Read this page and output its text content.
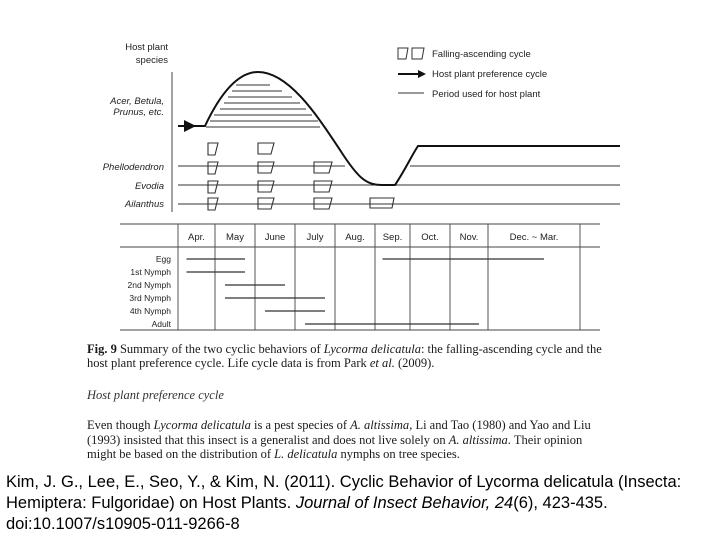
Host plant
species
Acer, Betula,
Prunus, etc.
Phellodendron
Evodia
Ailanthus
Falling-ascending cycle
Host plant preference cycle
Period used for host plant
Apr. May June July Aug. Sep. Oct. Nov.	Dec. ~ Mar.
Egg
1st Nymph
2nd Nymph
3rd Nymph
4th Nymph
Adult
Fig. 9 Summary of the two cyclic behaviors of Lycorma delicatula: the falling-ascending cycle and the host plant preference cycle. Life cycle data is from Park et al. (2009).
Host plant preference cycle
Even though Lycorma delicatula is a pest species of A. altissima, Li and Tao (1980) and Yao and Liu (1993) insisted that this insect is a generalist and does not live solely on A. altissima. Their opinion might be based on the distribution of L. delicatula nymphs on tree species.
Kim, J. G., Lee, E., Seo, Y., & Kim, N. (2011). Cyclic Behavior of Lycorma delicatula (Insecta: Hemiptera: Fulgoridae) on Host Plants. Journal of Insect Behavior, 24(6), 423-435.
doi:10.1007/s10905-011-9266-8
